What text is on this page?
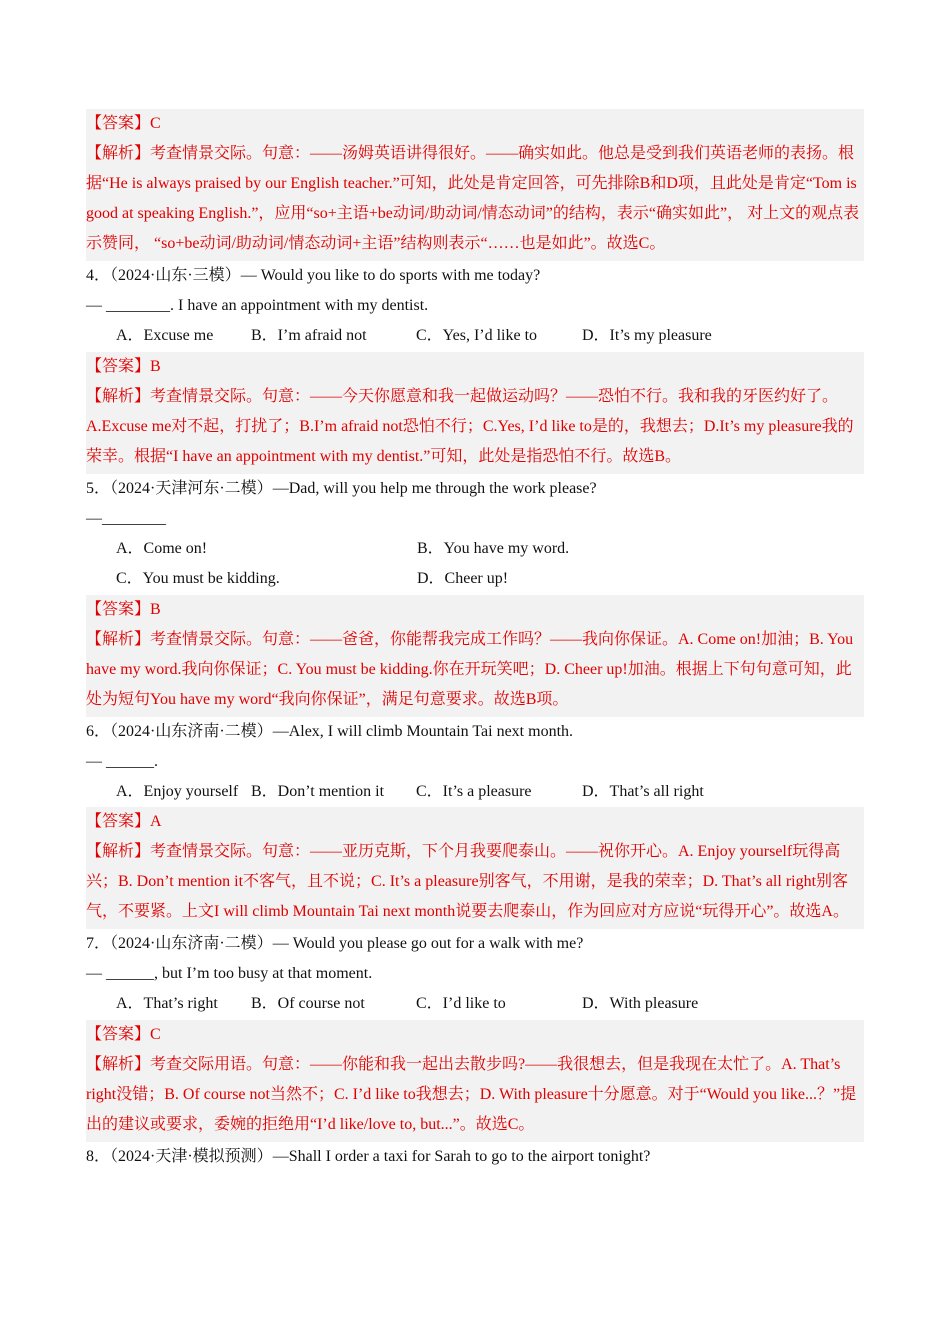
【答案】C

【解析】考查情景交际。句意：——汤姆英语讲得很好。——确实如此。他总是受到我们英语老师的表扬。根据“He is always praised by our English teacher.”可知，此处是肯定回答，可先排除B和D项，且此处是肯定“Tom is good at speaking English.”，应用“so+主语+be动词/助动词/情态动词”的结构，表示“确实如此”， 对上文的观点表示赞同， “so+be动词/助动词/情态动词+主语”结构则表示“……也是如此”。故选C。

4．（2024·山东·三模）— Would you like to do sports with me today?

— ________. I have an appointment with my dentist.

A．Excuse me	B．I’m afraid not	C．Yes, I’d like to	D．It’s my pleasure

【答案】B

【解析】考查情景交际。句意：——今天你愿意和我一起做运动吗？——恐怕不行。我和我的牙医约好了。A.Excuse me对不起，打扰了；B.I’m afraid not恐怕不行；C.Yes, I’d like to是的，我想去；D.It’s my pleasure我的荣幸。根据“I have an appointment with my dentist.”可知，此处是指恐怕不行。故选B。

5．（2024·天津河东·二模）—Dad, will you help me through the work please?

—________

A．Come on!	B．You have my word.
C．You must be kidding.	D．Cheer up!

【答案】B

【解析】考查情景交际。句意：——爸爸，你能帮我完成工作吗？——我向你保证。A. Come on!加油；B. You have my word.我向你保证；C. You must be kidding.你在开玩笑吧；D. Cheer up!加油。根据上下句句意可知，此处为短句You have my word“我向你保证”，满足句意要求。故选B项。

6．（2024·山东济南·二模）—Alex, I will climb Mountain Tai next month.

— ______.

A．Enjoy yourself B．Don’t mention it	C．It’s a pleasure	D．That’s all right

【答案】A

【解析】考查情景交际。句意：——亚历克斯，下个月我要爬泰山。——祝你开心。A. Enjoy yourself玩得高兴；B. Don’t mention it不客气，且不说；C. It’s a pleasure别客气，不用谢，是我的荣幸；D. That’s all right别客气，不要紧。上文I will climb Mountain Tai next month说要去爬泰山，作为回应对方应说“玩得开心”。故选A。

7．（2024·山东济南·二模）— Would you please go out for a walk with me?

— ______, but I’m too busy at that moment.

A．That’s right	B．Of course not	C．I’d like to	D．With pleasure

【答案】C

【解析】考查交际用语。句意：——你能和我一起出去散步吗?——我很想去，但是我现在太忙了。A. That’s right没错；B. Of course not当然不；C. I’d like to我想去；D. With pleasure十分愿意。对于“Would you like...？”提出的建议或要求，委婉的拒绝用“I’d like/love to, but...”。故选C。

8．（2024·天津·模拟预测）—Shall I order a taxi for Sarah to go to the airport tonight?
